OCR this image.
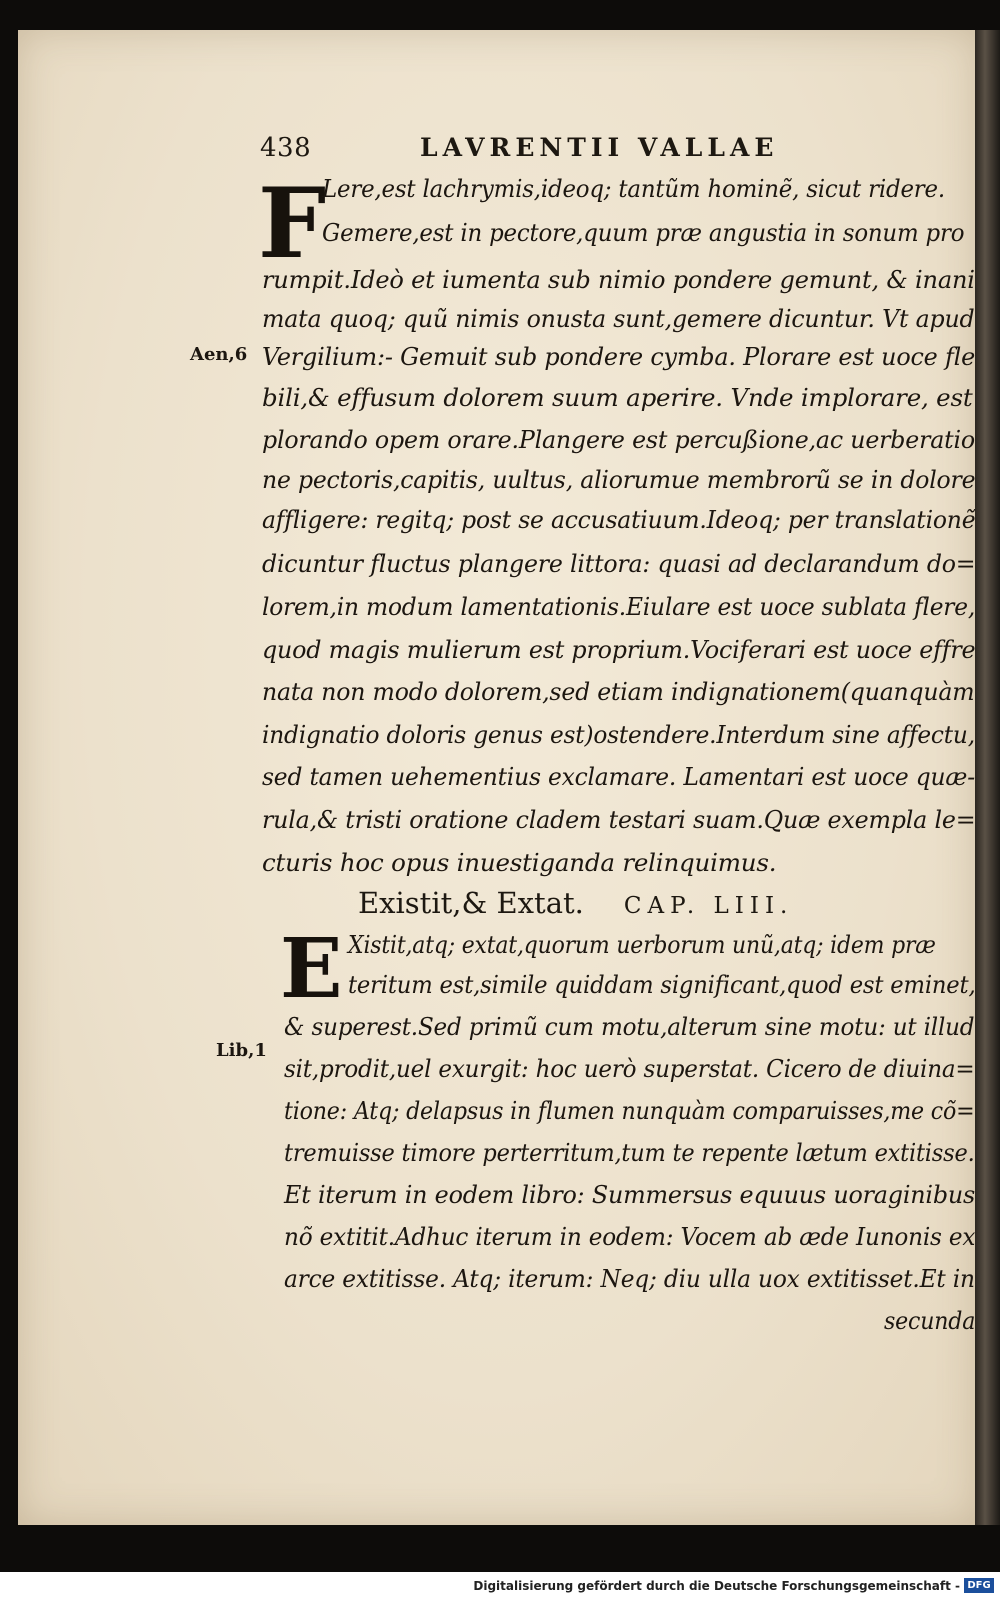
438	LAVRENTII VALLAE
F
Lere,est lachrymis,ideoq; tantũm hominẽ, sicut ridere.
Gemere,est in pectore,quum præ angustia in sonum pro
rumpit.Ideò et iumenta sub nimio pondere gemunt, & inani
mata quoq; quũ nimis onusta sunt,gemere dicuntur. Vt apud
Vergilium:- Gemuit sub pondere cymba. Plorare est uoce fle
bili,& effusum dolorem suum aperire. Vnde implorare, est
plorando opem orare.Plangere est percußione,ac uerberatio
ne pectoris,capitis, uultus, aliorumue membrorũ se in dolore
affligere: regitq; post se accusatiuum.Ideoq; per translationẽ
dicuntur fluctus plangere littora: quasi ad declarandum do=
lorem,in modum lamentationis.Eiulare est uoce sublata flere,
quod magis mulierum est proprium.Vociferari est uoce effre
nata non modo dolorem,sed etiam indignationem(quanquàm
indignatio doloris genus est)ostendere.Interdum sine affectu,
sed tamen uehementius exclamare. Lamentari est uoce quæ-
rula,& tristi oratione cladem testari suam.Quæ exempla le=
cturis hoc opus inuestiganda relinquimus.
Aen,6
Lib,1
Existit,& Extat. CAP. LIII.
E Xistit,atq; extat,quorum uerborum unũ,atq; idem præ
teritum est,simile quiddam significant,quod est eminet,
& superest.Sed primũ cum motu,alterum sine motu: ut illud
sit,prodit,uel exurgit: hoc uerò superstat. Cicero de diuina=
tione: Atq; delapsus in flumen nunquàm comparuisses,me cõ=
tremuisse timore perterritum,tum te repente lætum extitisse.
Et iterum in eodem libro: Summersus equuus uoraginibus
nõ extitit.Adhuc iterum in eodem: Vocem ab æde Iunonis ex
arce extitisse. Atq; iterum: Neq; diu ulla uox extitisset.Et in
secunda
Digitalisierung gefördert durch die Deutsche Forschungsgemeinschaft - DFG
